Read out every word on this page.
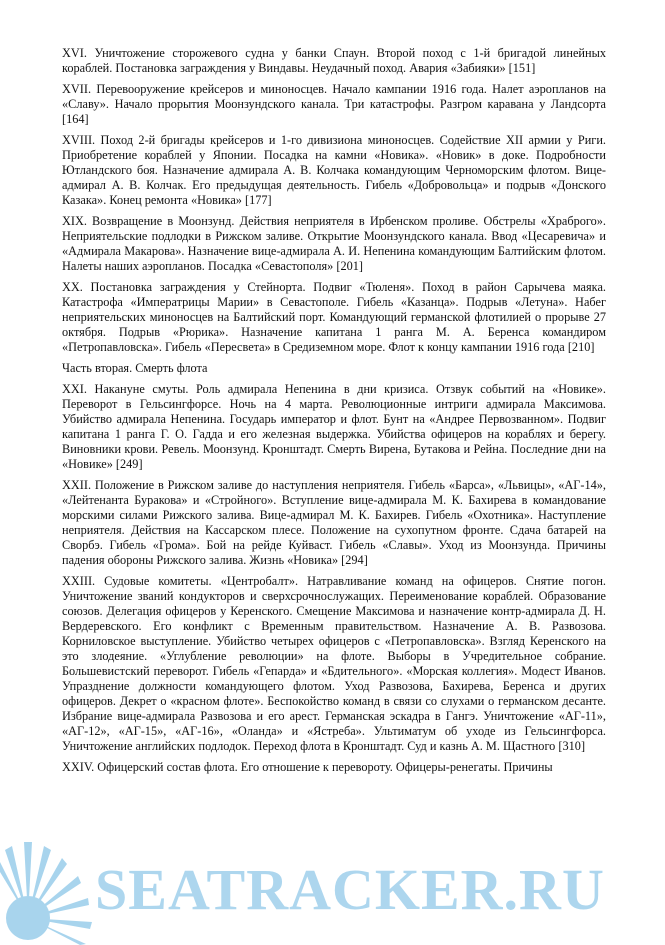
XVI. Уничтожение сторожевого судна у банки Спаун. Второй поход с 1-й бригадой линейных кораблей. Постановка заграждения у Виндавы. Неудачный поход. Авария «Забияки» [151]

XVII. Перевооружение крейсеров и миноносцев. Начало кампании 1916 года. Налет аэропланов на «Славу». Начало прорытия Моонзундского канала. Три катастрофы. Разгром каравана у Ландсорта [164]

XVIII. Поход 2-й бригады крейсеров и 1-го дивизиона миноносцев. Содействие XII армии у Риги. Приобретение кораблей у Японии. Посадка на камни «Новика». «Новик» в доке. Подробности Ютландского боя. Назначение адмирала А. В. Колчака командующим Черноморским флотом. Вице-адмирал А. В. Колчак. Его предыдущая деятельность. Гибель «Добровольца» и подрыв «Донского Казака». Конец ремонта «Новика» [177]

XIX. Возвращение в Моонзунд. Действия неприятеля в Ирбенском проливе. Обстрелы «Храброго». Неприятельские подлодки в Рижском заливе. Открытие Моонзундского канала. Ввод «Цесаревича» и «Адмирала Макарова». Назначение вице-адмирала А. И. Непенина командующим Балтийским флотом. Налеты наших аэропланов. Посадка «Севастополя» [201]

XX. Постановка заграждения у Стейнорта. Подвиг «Тюленя». Поход в район Сарычева маяка. Катастрофа «Императрицы Марии» в Севастополе. Гибель «Казанца». Подрыв «Летуна». Набег неприятельских миноносцев на Балтийский порт. Командующий германской флотилией о прорыве 27 октября. Подрыв «Рюрика». Назначение капитана 1 ранга М. А. Беренса командиром «Петропавловска». Гибель «Пересвета» в Средиземном море. Флот к концу кампании 1916 года [210]

Часть вторая. Смерть флота

XXI. Накануне смуты. Роль адмирала Непенина в дни кризиса. Отзвук событий на «Новике». Переворот в Гельсингфорсе. Ночь на 4 марта. Революционные интриги адмирала Максимова. Убийство адмирала Непенина. Государь император и флот. Бунт на «Андрее Первозванном». Подвиг капитана 1 ранга Г. О. Гадда и его железная выдержка. Убийства офицеров на кораблях и берегу. Виновники крови. Ревель. Моонзунд. Кронштадт. Смерть Вирена, Бутакова и Рейна. Последние дни на «Новике» [249]

XXII. Положение в Рижском заливе до наступления неприятеля. Гибель «Барса», «Львицы», «АГ-14», «Лейтенанта Буракова» и «Стройного». Вступление вице-адмирала М. К. Бахирева в командование морскими силами Рижского залива. Вице-адмирал М. К. Бахирев. Гибель «Охотника». Наступление неприятеля. Действия на Кассарском плесе. Положение на сухопутном фронте. Сдача батарей на Сворбэ. Гибель «Грома». Бой на рейде Куйваст. Гибель «Славы». Уход из Моонзунда. Причины падения обороны Рижского залива. Жизнь «Новика» [294]

XXIII. Судовые комитеты. «Центробалт». Натравливание команд на офицеров. Снятие погон. Уничтожение званий кондукторов и сверхсрочнослужащих. Переименование кораблей. Образование союзов. Делегация офицеров у Керенского. Смещение Максимова и назначение контр-адмирала Д. Н. Вердеревского. Его конфликт с Временным правительством. Назначение А. В. Развозова. Корниловское выступление. Убийство четырех офицеров с «Петропавловска». Взгляд Керенского на это злодеяние. «Углубление революции» на флоте. Выборы в Учредительное собрание. Большевистский переворот. Гибель «Гепарда» и «Бдительного». «Морская коллегия». Модест Иванов. Упразднение должности командующего флотом. Уход Развозова, Бахирева, Беренса и других офицеров. Декрет о «красном флоте». Беспокойство команд в связи со слухами о германском десанте. Избрание вице-адмирала Развозова и его арест. Германская эскадра в Гангэ. Уничтожение «АГ-11», «АГ-12», «АГ-15», «АГ-16», «Оланда» и «Ястреба». Ультиматум об уходе из Гельсингфорса. Уничтожение английских подлодок. Переход флота в Кронштадт. Суд и казнь А. М. Щастного [310]

XXIV. Офицерский состав флота. Его отношение к перевороту. Офицеры-ренегаты. Причины

SEATRACKER.RU
